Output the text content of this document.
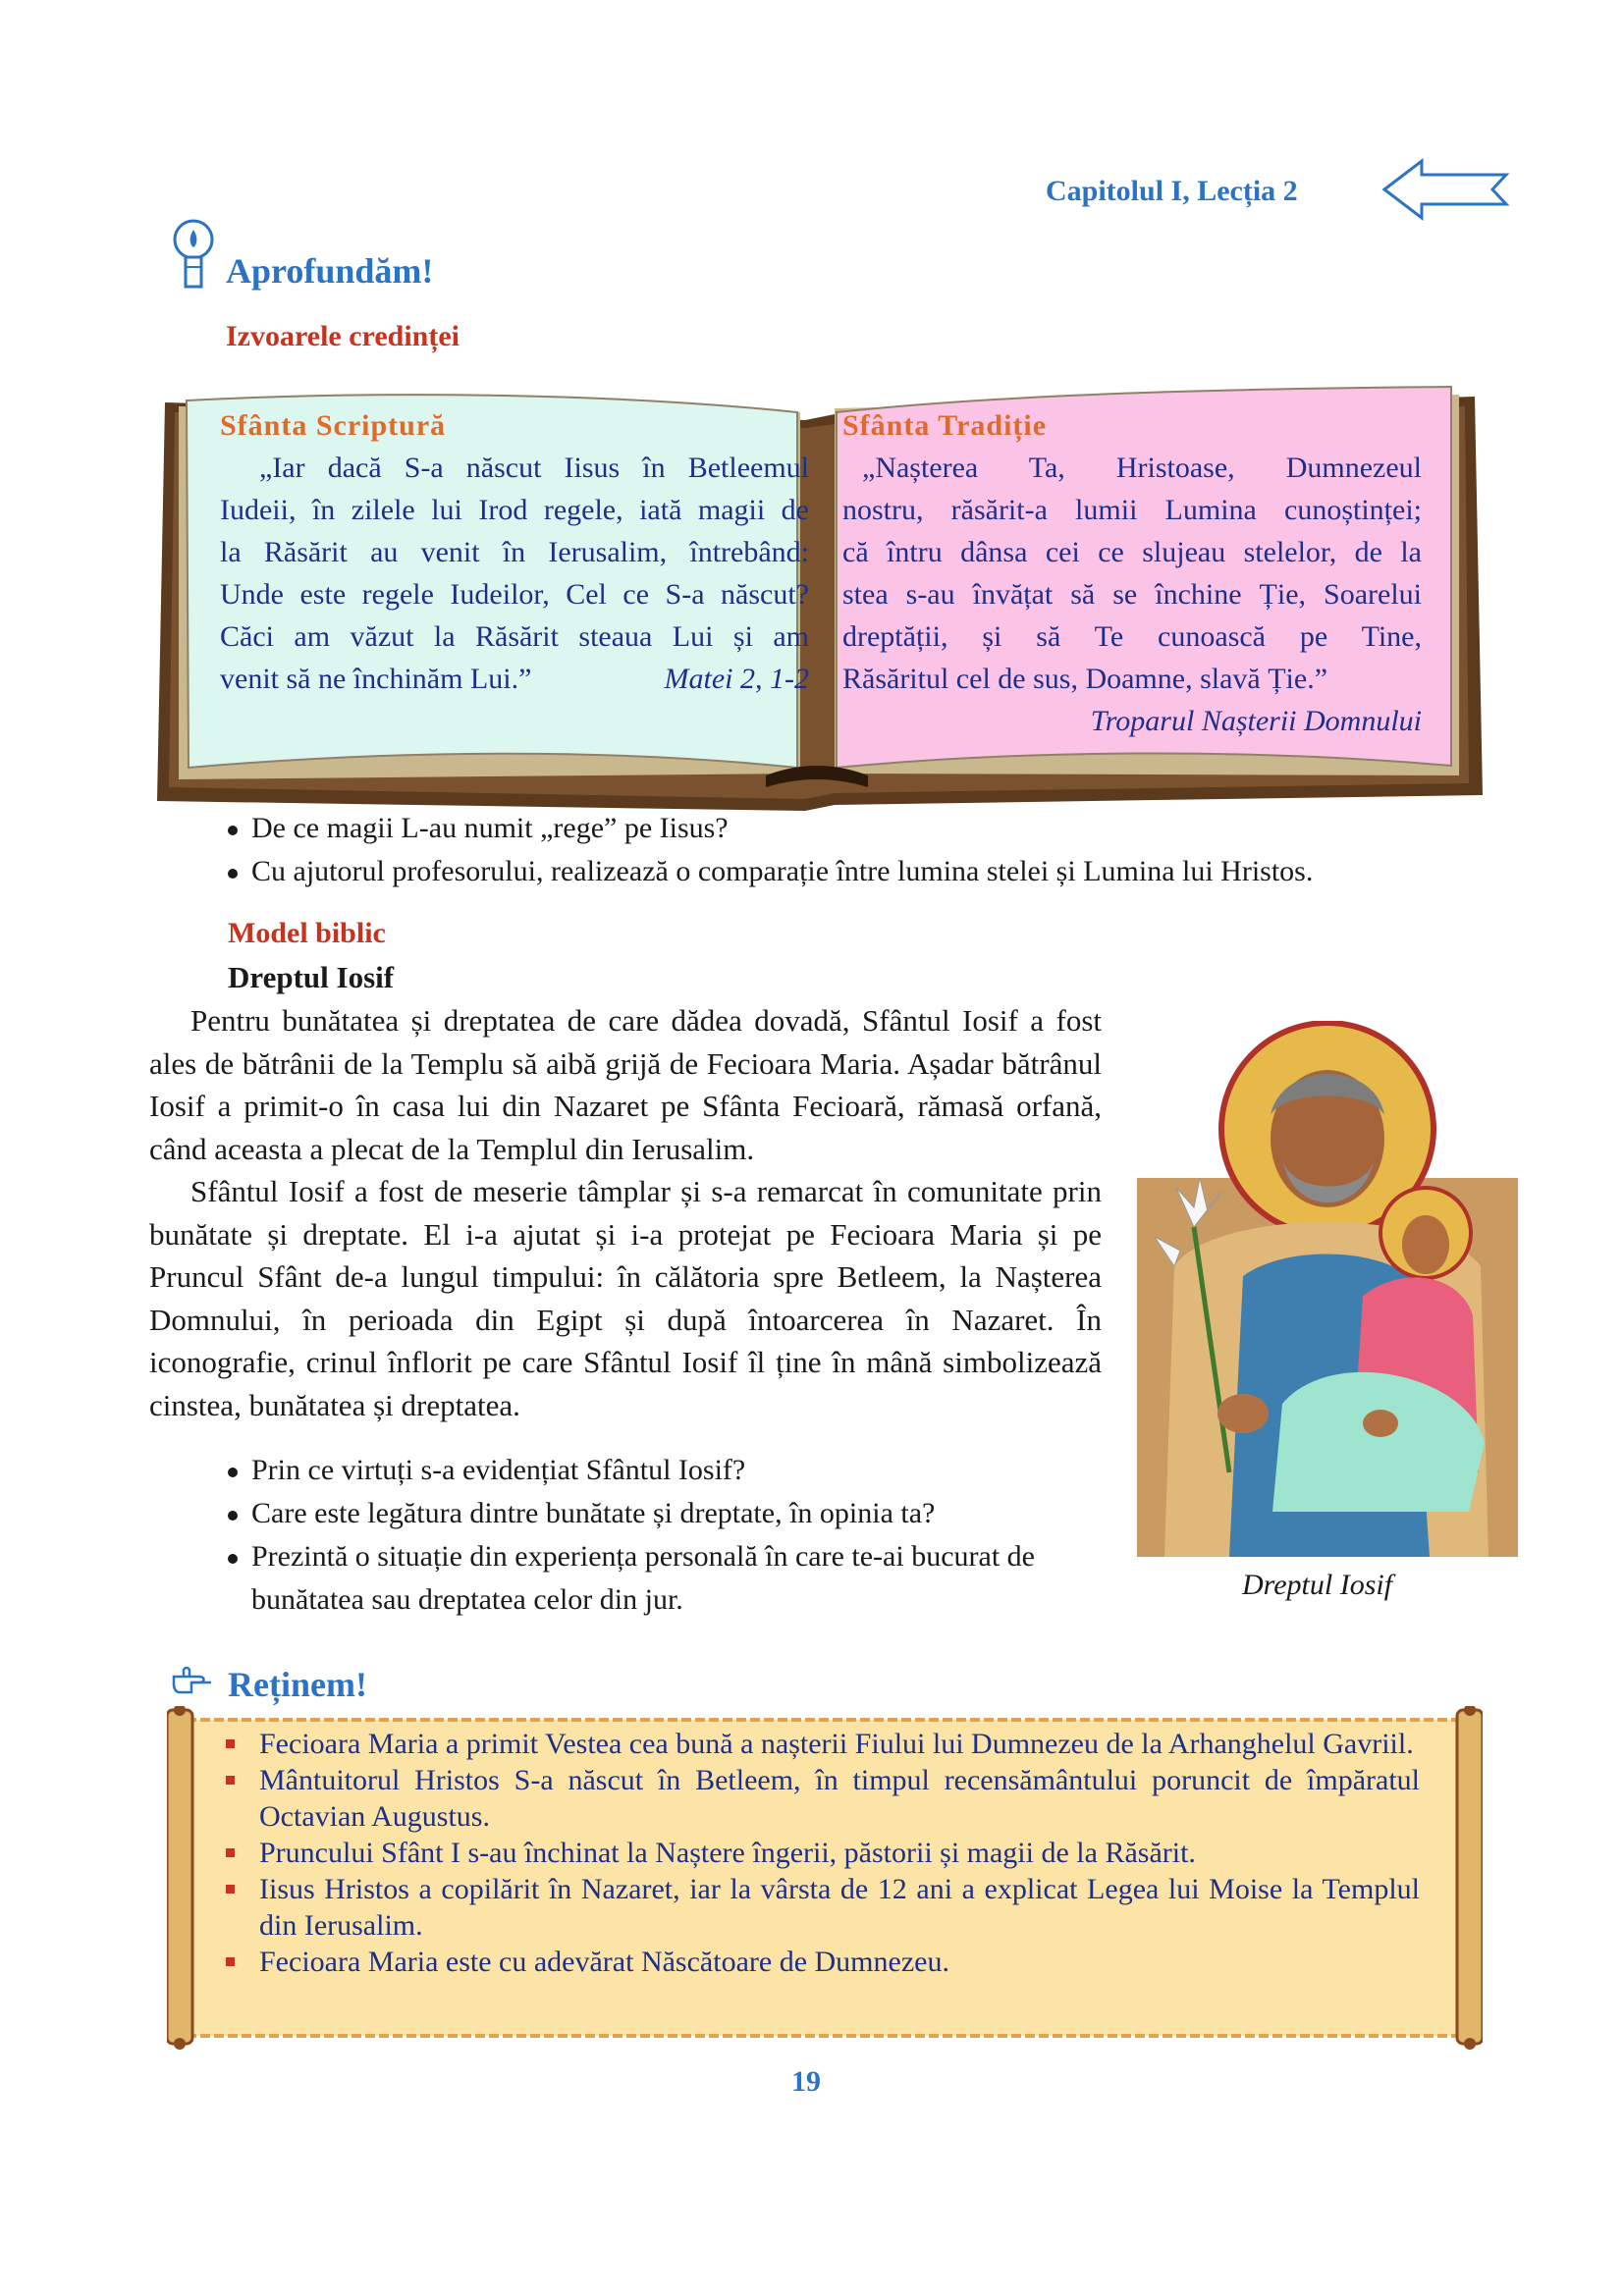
Capitolul I, Lecția 2
Aprofundăm!
Izvoarele credinței
Sfânta Scriptură
„Iar dacă S-a născut Iisus în Betleemul
Iudeii, în zilele lui Irod regele, iată magii de
la Răsărit au venit în Ierusalim, întrebând:
Unde este regele Iudeilor, Cel ce S-a născut?
Căci am văzut la Răsărit steaua Lui și am
venit să ne închinăm Lui.”	Matei 2, 1-2
Sfânta Tradiție
„Nașterea Ta, Hristoase, Dumnezeul
nostru, răsărit-a lumii Lumina cunoștinței;
că întru dânsa cei ce slujeau stelelor, de la
stea s-au învățat să se închine Ție, Soarelui
dreptății, și să Te cunoască pe Tine,
Răsăritul cel de sus, Doamne, slavă Ție.”
Troparul Nașterii Domnului
De ce magii L-au numit „rege” pe Iisus?
Cu ajutorul profesorului, realizează o comparație între lumina stelei și Lumina lui Hristos.
Model biblic
Dreptul Iosif

Pentru bunătatea și dreptatea de care dădea dovadă, Sfântul Iosif a fost ales de bătrânii de la Templu să aibă grijă de Fecioara Maria. Așadar bătrânul Iosif a primit-o în casa lui din Nazaret pe Sfânta Fecioară, rămasă orfană, când aceasta a plecat de la Templul din Ierusalim.

Sfântul Iosif a fost de meserie tâmplar și s-a remarcat în comunitate prin bunătate și dreptate. El i-a ajutat și i-a protejat pe Fecioara Maria și pe Pruncul Sfânt de-a lungul timpului: în călătoria spre Betleem, la Nașterea Domnului, în perioada din Egipt și după întoarcerea în Nazaret. În iconografie, crinul înflorit pe care Sfântul Iosif îl ține în mână simbolizează cinstea, bunătatea și dreptatea.

Dreptul Iosif
Prin ce virtuți s-a evidențiat Sfântul Iosif?
Care este legătura dintre bunătate și dreptate, în opinia ta?
Prezintă o situație din experiența personală în care te-ai bucurat de bunătatea sau dreptatea celor din jur.
Reținem!
Fecioara Maria a primit Vestea cea bună a nașterii Fiului lui Dumnezeu de la Arhanghelul Gavriil.
Mântuitorul Hristos S-a născut în Betleem, în timpul recensământului poruncit de împăratul Octavian Augustus.
Pruncului Sfânt I s-au închinat la Naștere îngerii, păstorii și magii de la Răsărit.
Iisus Hristos a copilărit în Nazaret, iar la vârsta de 12 ani a explicat Legea lui Moise la Templul din Ierusalim.
Fecioara Maria este cu adevărat Născătoare de Dumnezeu.
19
